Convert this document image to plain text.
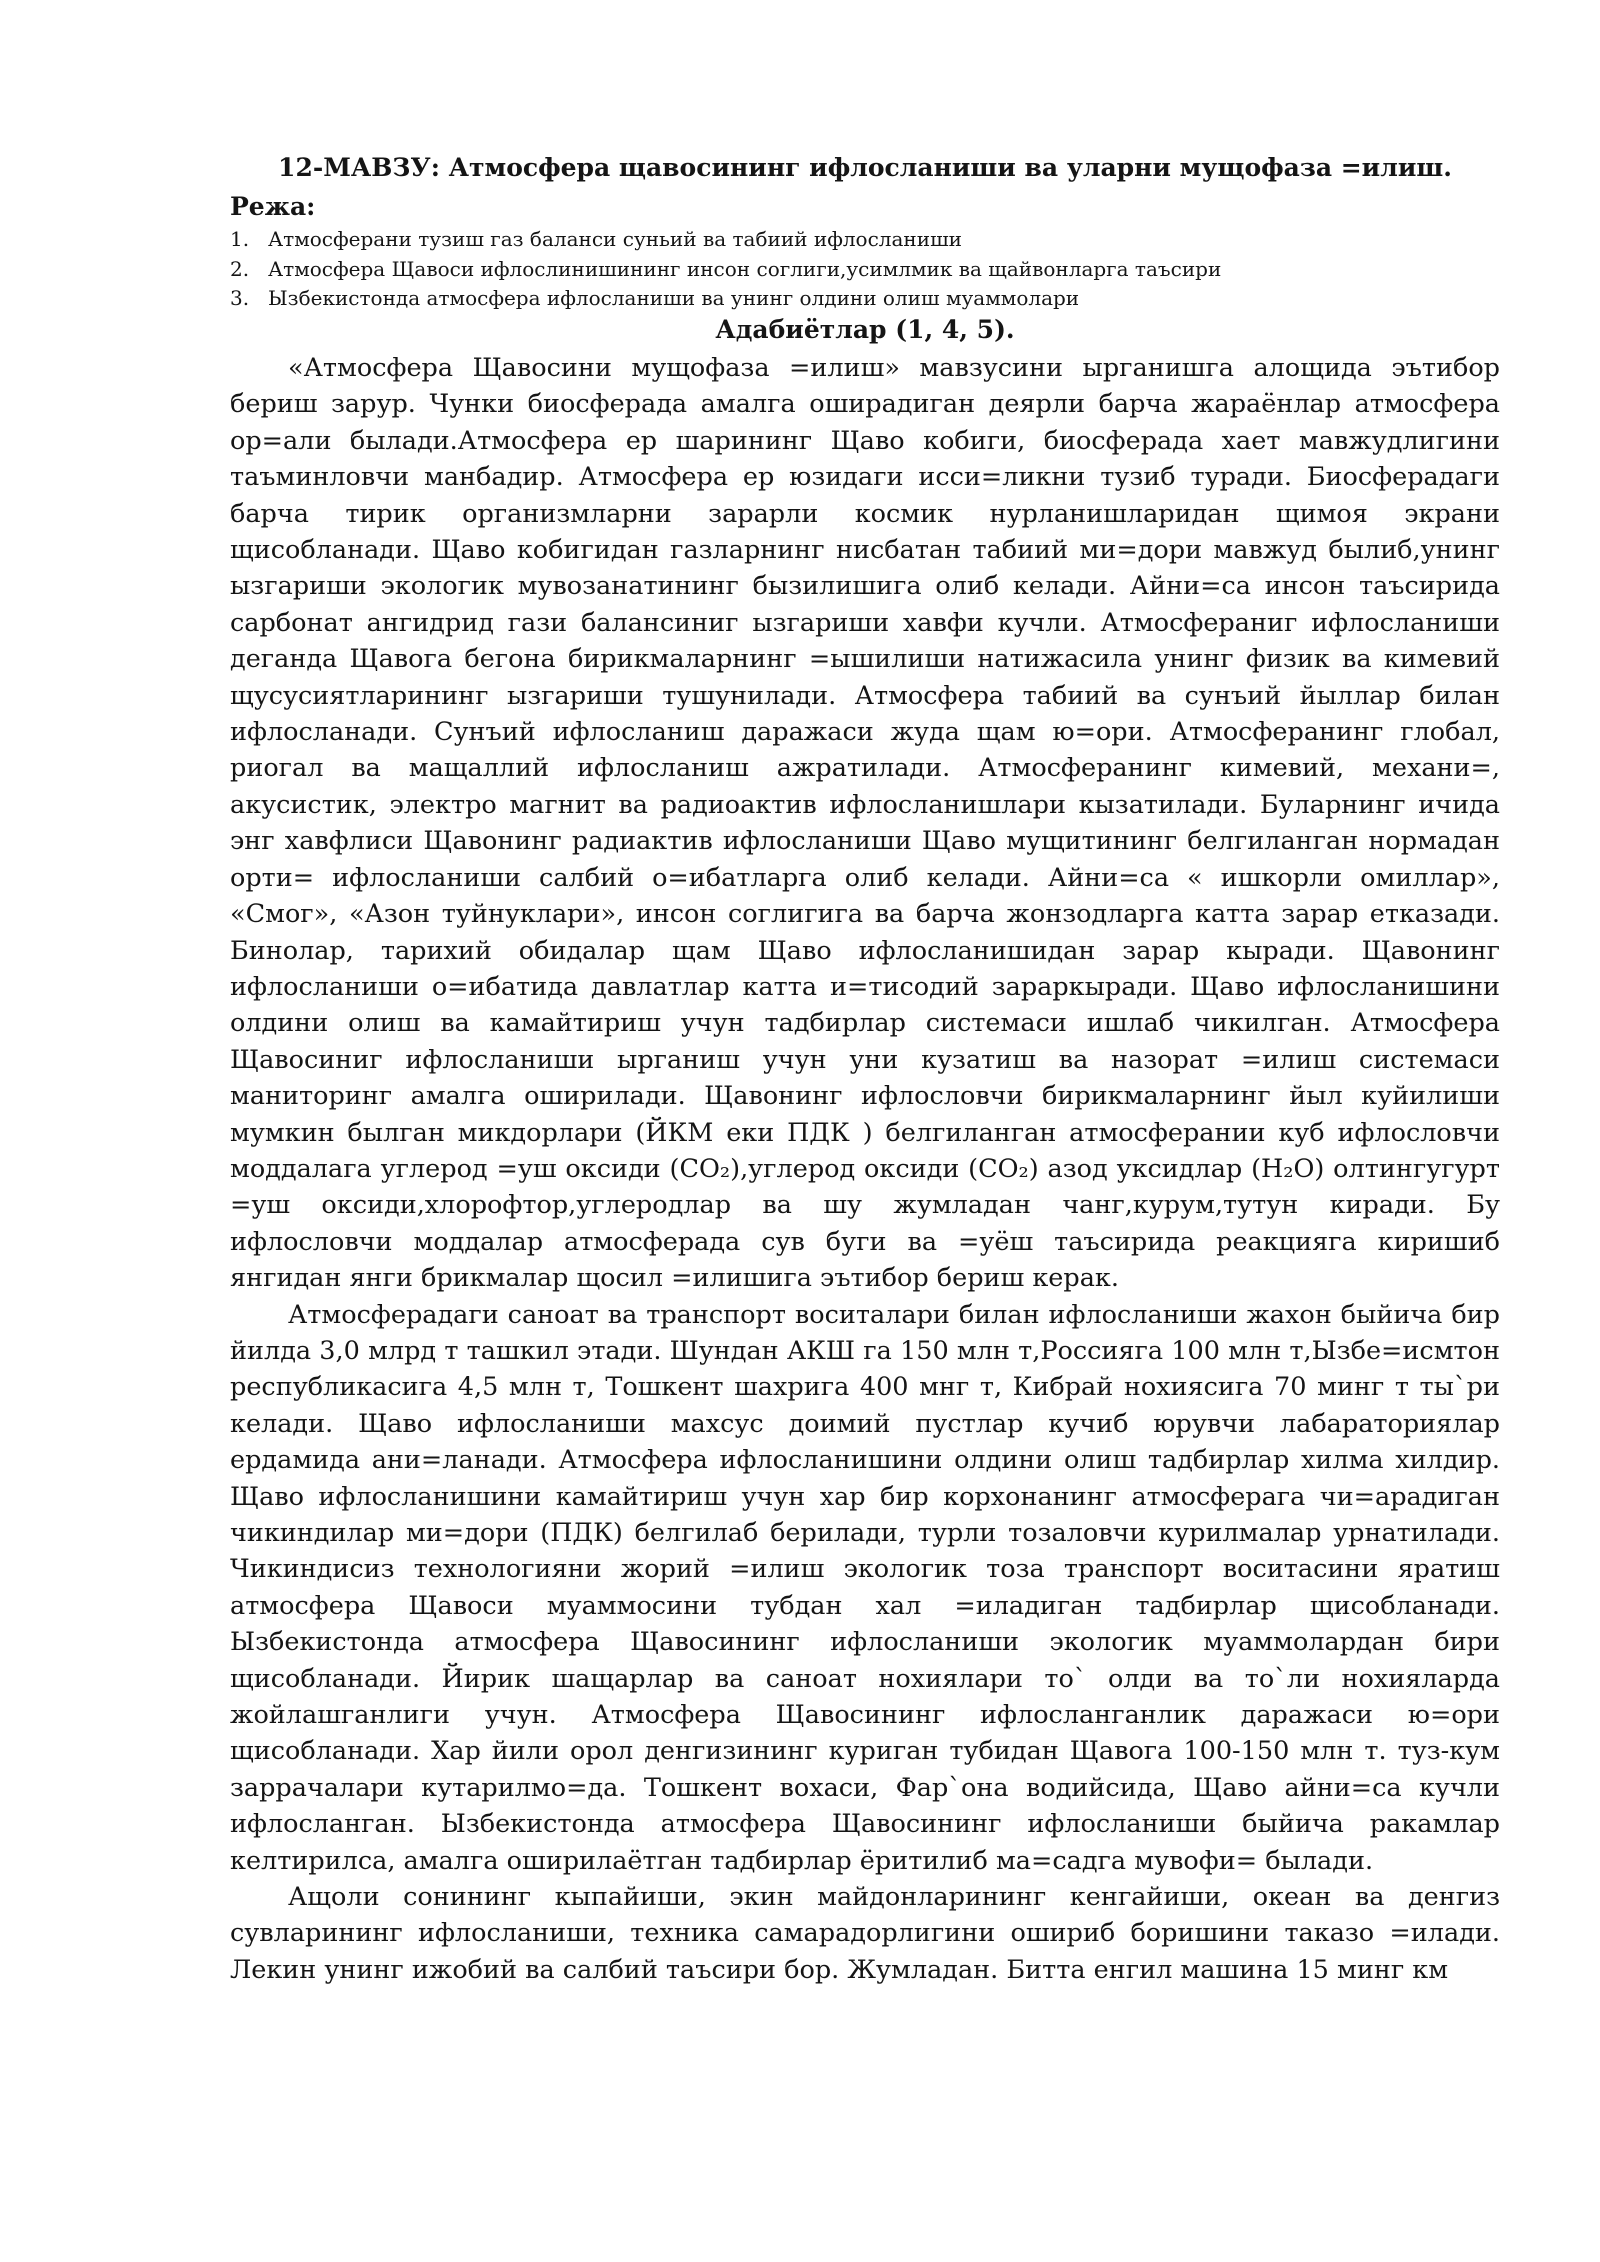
12-МАВЗУ: Атмосфера щавосининг ифлосланиши ва уларни мущофаза =илиш.
Режа:
1. Атмосферани тузиш газ баланси суньий ва табиий ифлосланиши
2. Атмосфера Щавоси ифлослинишининг инсон соглиги,усимлмик ва щайвонларга таъсири
3. Ызбекистонда атмосфера ифлосланиши ва унинг олдини олиш муаммолари
Адабиётлар (1, 4, 5).

«Атмосфера Щавосини мущофаза =илиш» мавзусини ырганишга алощида эътибор бериш зарур. Чунки биосферада амалга оширадиган деярли барча жараёнлар атмосфера ор=али былади.Атмосфера ер шарининг Щаво кобиги, биосферада хает мавжудлигини таъминловчи манбадир. Атмосфера ер юзидаги исси=ликни тузиб туради. Биосферадаги барча тирик организмларни зарарли космик нурланишларидан щимоя экрани щисобланади. Щаво кобигидан газларнинг нисбатан табиий ми=дори мавжуд былиб,унинг ызгариши экологик мувозанатининг бызилишига олиб келади. Айни=са инсон таъсирида сарбонат ангидрид гази балансиниг ызгариши хавфи кучли. Атмосфераниг ифлосланиши деганда Щавога бегона бирикмаларнинг =ышилиши натижасила унинг физик ва кимевий щусусиятларининг ызгариши тушунилади. Атмосфера табиий ва сунъий йыллар билан ифлосланади. Сунъий ифлосланиш даражаси жуда щам ю=ори. Атмосферанинг глобал, риогал ва мащаллий ифлосланиш ажратилади. Атмосферанинг кимевий, механи=, акусистик, электро магнит ва радиоактив ифлосланишлари кызатилади. Буларнинг ичида энг хавфлиси Щавонинг радиактив ифлосланиши Щаво мущитининг белгиланган нормадан орти= ифлосланиши салбий о=ибатларга олиб келади. Айни=са « ишкорли омиллар», «Смог», «Азон туйнуклари», инсон соглигига ва барча жонзодларга катта зарар етказади. Бинолар, тарихий обидалар щам Щаво ифлосланишидан зарар кыради. Щавонинг ифлосланиши о=ибатида давлатлар катта и=тисодий зараркыради. Щаво ифлосланишини олдини олиш ва камайтириш учун тадбирлар системаси ишлаб чикилган. Атмосфера Щавосиниг ифлосланиши ырганиш учун уни кузатиш ва назорат =илиш системаси маниторинг амалга оширилади. Щавонинг ифлословчи бирикмаларнинг йыл куйилиши мумкин былган микдорлари (ЙКМ еки ПДК ) белгиланган атмосферании куб ифлословчи моддалага углерод =уш оксиди (CO₂),углерод оксиди (CO₂) азод уксидлар (H₂O) олтингугурт =уш оксиди,хлорофтор,углеродлар ва шу жумладан чанг,курум,тутун киради. Бу ифлословчи моддалар атмосферада сув буги ва =уёш таъсирида реакцияга киришиб янгидан янги брикмалар щосил =илишига эътибор бериш керак.

Атмосферадаги саноат ва транспорт воситалари билан ифлосланиши жахон быйича бир йилда 3,0 млрд т ташкил этади. Шундан АКШ га 150 млн т,Россияга 100 млн т,Ызбе=исмтон республикасига 4,5 млн т, Тошкент шахрига 400 мнг т, Кибрай нохиясига 70 минг т ты`ри келади. Щаво ифлосланиши махсус доимий пустлар кучиб юрувчи лабараториялар ердамида ани=ланади. Атмосфера ифлосланишини олдини олиш тадбирлар хилма хилдир. Щаво ифлосланишини камайтириш учун хар бир корхонанинг атмосферага чи=арадиган чикиндилар ми=дори (ПДК) белгилаб берилади, турли тозаловчи курилмалар урнатилади. Чикиндисиз технологияни жорий =илиш экологик тоза транспорт воситасини яратиш атмосфера Щавоси муаммосини тубдан хал =иладиган тадбирлар щисобланади. Ызбекистонда атмосфера Щавосининг ифлосланиши экологик муаммолардан бири щисобланади. Йирик шащарлар ва саноат нохиялари то` олди ва то`ли нохияларда жойлашганлиги учун. Атмосфера Щавосининг ифлосланганлик даражаси ю=ори щисобланади. Хар йили орол денгизининг куриган тубидан Щавога 100-150 млн т. туз-кум заррачалари кутарилмо=да. Тошкент вохаси, Фар`она водийсида, Щаво айни=са кучли ифлосланган. Ызбекистонда атмосфера Щавосининг ифлосланиши быйича ракамлар келтирилса, амалга оширилаётган тадбирлар ёритилиб ма=садга мувофи= былади.

Ащоли сонининг кыпайиши, экин майдонларининг кенгайиши, океан ва денгиз сувларининг ифлосланиши, техника самарадорлигини ошириб боришини таказо =илади. Лекин унинг ижобий ва салбий таъсири бор. Жумладан. Битта енгил машина 15 минг км
